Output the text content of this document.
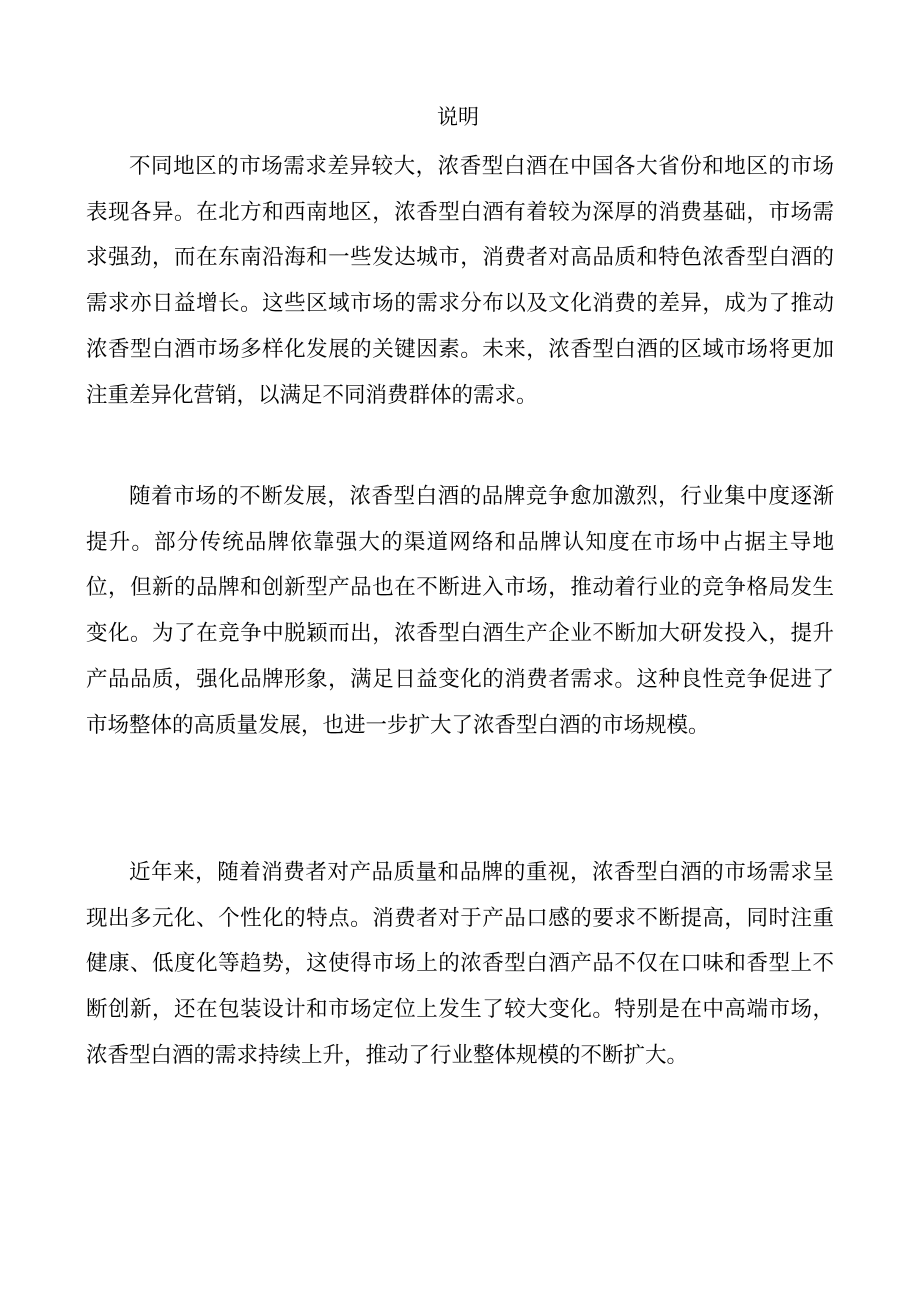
说明

不同地区的市场需求差异较大，浓香型白酒在中国各大省份和地区的市场表现各异。在北方和西南地区，浓香型白酒有着较为深厚的消费基础，市场需求强劲，而在东南沿海和一些发达城市，消费者对高品质和特色浓香型白酒的需求亦日益增长。这些区域市场的需求分布以及文化消费的差异，成为了推动浓香型白酒市场多样化发展的关键因素。未来，浓香型白酒的区域市场将更加注重差异化营销，以满足不同消费群体的需求。

随着市场的不断发展，浓香型白酒的品牌竞争愈加激烈，行业集中度逐渐提升。部分传统品牌依靠强大的渠道网络和品牌认知度在市场中占据主导地位，但新的品牌和创新型产品也在不断进入市场，推动着行业的竞争格局发生变化。为了在竞争中脱颖而出，浓香型白酒生产企业不断加大研发投入，提升产品品质，强化品牌形象，满足日益变化的消费者需求。这种良性竞争促进了市场整体的高质量发展，也进一步扩大了浓香型白酒的市场规模。

近年来，随着消费者对产品质量和品牌的重视，浓香型白酒的市场需求呈现出多元化、个性化的特点。消费者对于产品口感的要求不断提高，同时注重健康、低度化等趋势，这使得市场上的浓香型白酒产品不仅在口味和香型上不断创新，还在包装设计和市场定位上发生了较大变化。特别是在中高端市场，浓香型白酒的需求持续上升，推动了行业整体规模的不断扩大。
